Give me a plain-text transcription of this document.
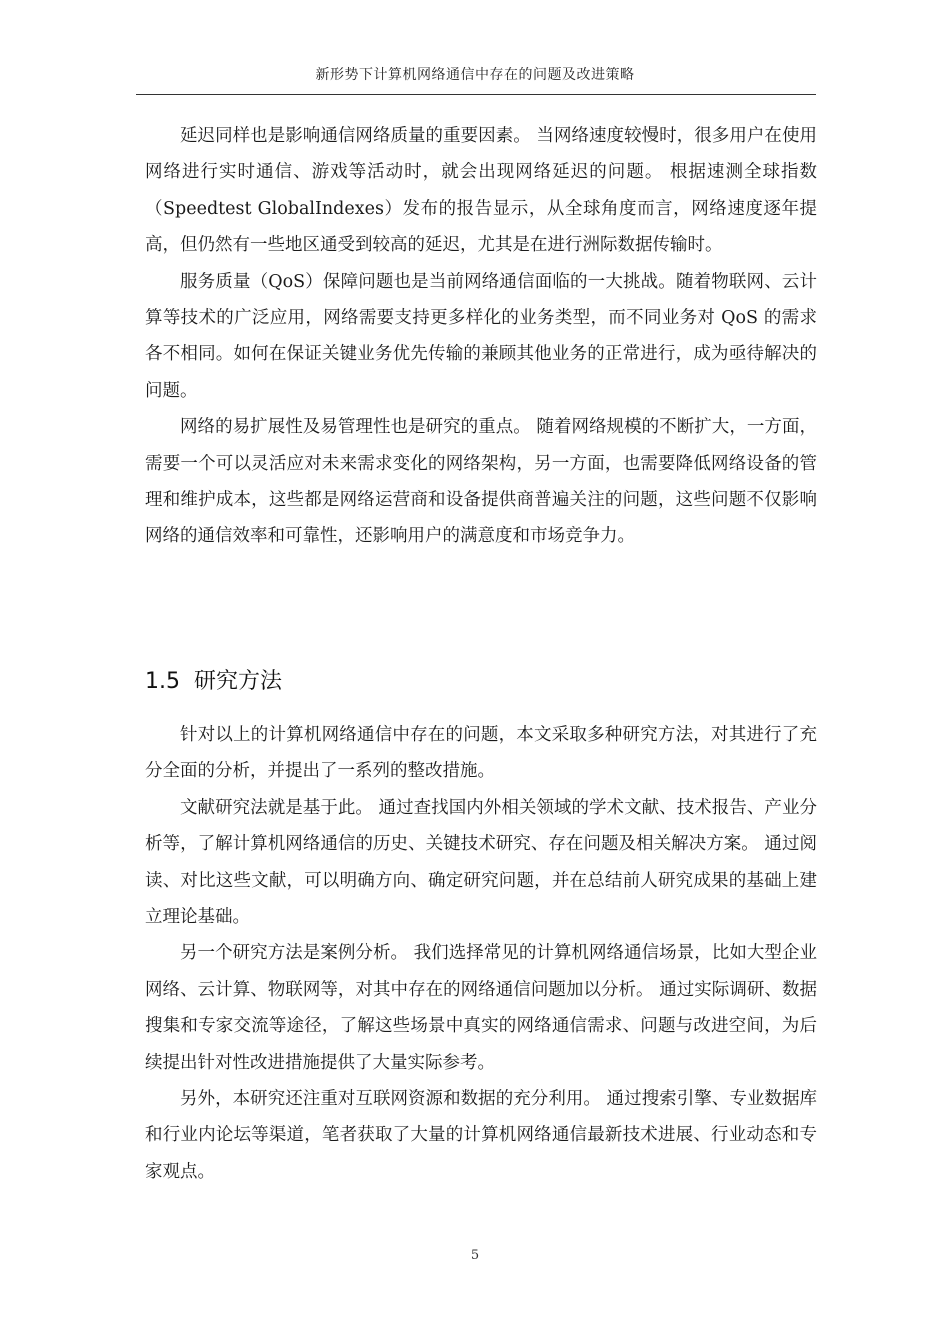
新形势下计算机网络通信中存在的问题及改进策略

延迟同样也是影响通信网络质量的重要因素。 当网络速度较慢时，很多用户在使用网络进行实时通信、游戏等活动时，就会出现网络延迟的问题。 根据速测全球指数（Speedtest GlobalIndexes）发布的报告显示，从全球角度而言，网络速度逐年提高，但仍然有一些地区通受到较高的延迟，尤其是在进行洲际数据传输时。

服务质量（QoS）保障问题也是当前网络通信面临的一大挑战。随着物联网、云计算等技术的广泛应用，网络需要支持更多样化的业务类型，而不同业务对 QoS 的需求各不相同。如何在保证关键业务优先传输的兼顾其他业务的正常进行，成为亟待解决的问题。

网络的易扩展性及易管理性也是研究的重点。 随着网络规模的不断扩大，一方面，需要一个可以灵活应对未来需求变化的网络架构，另一方面，也需要降低网络设备的管理和维护成本，这些都是网络运营商和设备提供商普遍关注的问题，这些问题不仅影响网络的通信效率和可靠性，还影响用户的满意度和市场竞争力。

1.5 研究方法

针对以上的计算机网络通信中存在的问题，本文采取多种研究方法，对其进行了充分全面的分析，并提出了一系列的整改措施。

文献研究法就是基于此。 通过查找国内外相关领域的学术文献、技术报告、产业分析等，了解计算机网络通信的历史、关键技术研究、存在问题及相关解决方案。 通过阅读、对比这些文献，可以明确方向、确定研究问题，并在总结前人研究成果的基础上建立理论基础。

另一个研究方法是案例分析。 我们选择常见的计算机网络通信场景，比如大型企业网络、云计算、物联网等，对其中存在的网络通信问题加以分析。 通过实际调研、数据搜集和专家交流等途径，了解这些场景中真实的网络通信需求、问题与改进空间，为后续提出针对性改进措施提供了大量实际参考。

另外，本研究还注重对互联网资源和数据的充分利用。 通过搜索引擎、专业数据库和行业内论坛等渠道，笔者获取了大量的计算机网络通信最新技术进展、行业动态和专家观点。

5
